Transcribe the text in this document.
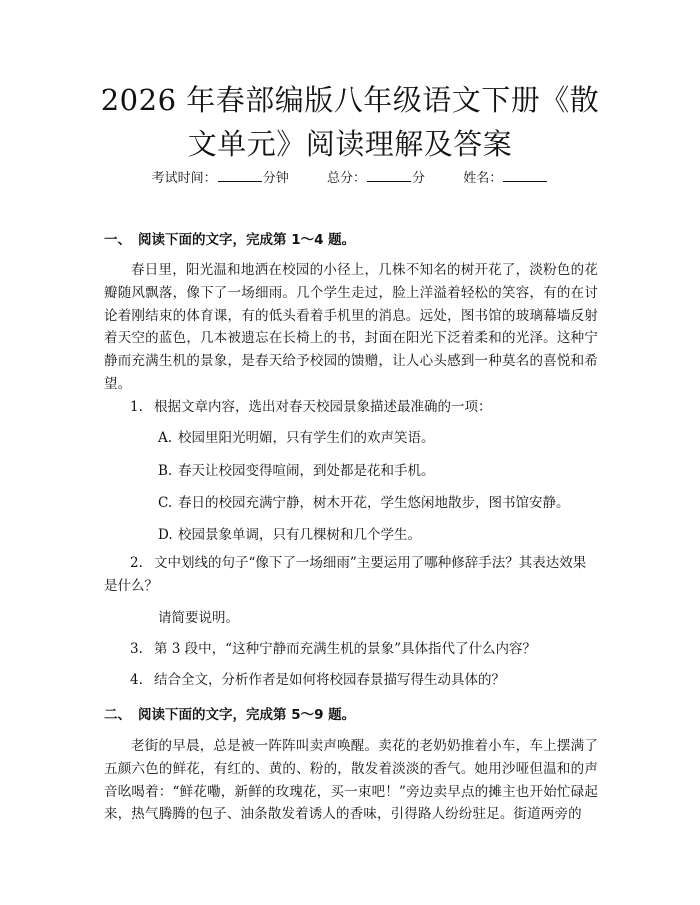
2026 年春部编版八年级语文下册《散文单元》阅读理解及答案
考试时间：	分钟	总分：	分	姓名：
一、 阅读下面的文字，完成第 1～4 题。
春日里，阳光温和地洒在校园的小径上，几株不知名的树开花了，淡粉色的花瓣随风飘落，像下了一场细雨。几个学生走过，脸上洋溢着轻松的笑容，有的在讨论着刚结束的体育课，有的低头看着手机里的消息。远处，图书馆的玻璃幕墙反射着天空的蓝色，几本被遗忘在长椅上的书，封面在阳光下泛着柔和的光泽。这种宁静而充满生机的景象，是春天给予校园的馈赠，让人心头感到一种莫名的喜悦和希望。
1. 根据文章内容，选出对春天校园景象描述最准确的一项：
A. 校园里阳光明媚，只有学生们的欢声笑语。
B. 春天让校园变得喧闹，到处都是花和手机。
C. 春日的校园充满宁静，树木开花，学生悠闲地散步，图书馆安静。
D. 校园景象单调，只有几棵树和几个学生。
2. 文中划线的句子“像下了一场细雨”主要运用了哪种修辞手法？其表达效果是什么？
请简要说明。
3. 第 3 段中，“这种宁静而充满生机的景象”具体指代了什么内容？
4. 结合全文，分析作者是如何将校园春景描写得生动具体的？
二、 阅读下面的文字，完成第 5～9 题。
老街的早晨，总是被一阵阵叫卖声唤醒。卖花的老奶奶推着小车，车上摆满了五颜六色的鲜花，有红的、黄的、粉的，散发着淡淡的香气。她用沙哑但温和的声音吆喝着：“鲜花嘞，新鲜的玫瑰花，买一束吧！”旁边卖早点的摊主也开始忙碌起来，热气腾腾的包子、油条散发着诱人的香味，引得路人纷纷驻足。街道两旁的
